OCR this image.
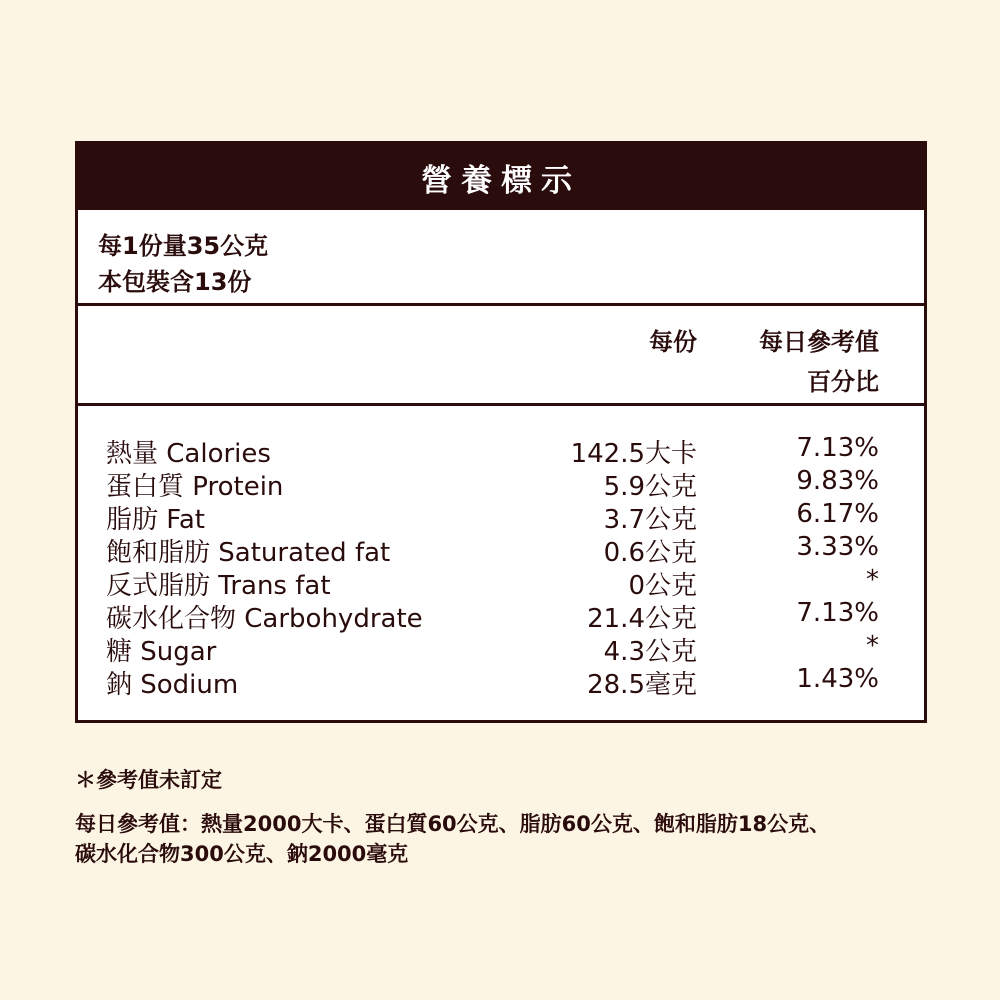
營養標示
每1份量35公克
本包裝含13份
每份	每日參考值
百分比
熱量 Calories	142.5大卡	7.13%
蛋白質 Protein	5.9公克	9.83%
脂肪 Fat	3.7公克	6.17%
飽和脂肪 Saturated fat	0.6公克	3.33%
反式脂肪 Trans fat	0公克	*
碳水化合物 Carbohydrate	21.4公克	7.13%
糖 Sugar	4.3公克	*
鈉 Sodium	28.5毫克	1.43%
＊參考值未訂定
每日參考值：熱量2000大卡、蛋白質60公克、脂肪60公克、飽和脂肪18公克、
碳水化合物300公克、鈉2000毫克
